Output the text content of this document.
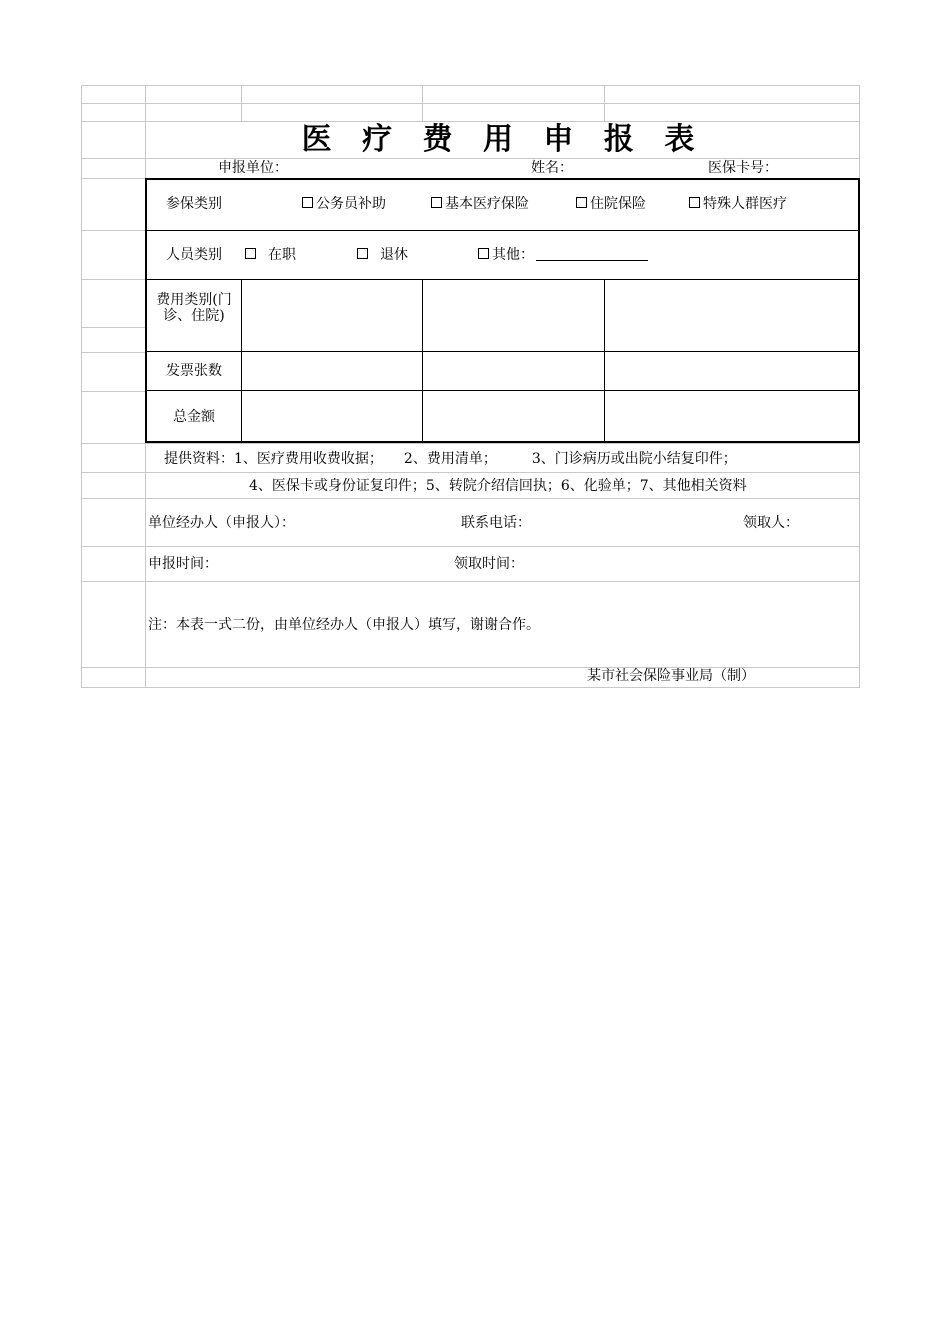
医 疗 费 用 申 报 表
申报单位：	姓名：	医保卡号：
参保类别	公务员补助	基本医疗保险	住院保险	特殊人群医疗
人员类别	在职	退休	其他：
费用类别(门诊、住院)
发票张数
总金额
提供资料：1、医疗费用收费收据；　　2、费用清单；　　　3、门诊病历或出院小结复印件；
4、医保卡或身份证复印件；5、转院介绍信回执；6、化验单；7、其他相关资料
单位经办人（申报人）：	联系电话：	领取人：
申报时间：	领取时间：
注：本表一式二份，由单位经办人（申报人）填写，谢谢合作。
某市社会保险事业局（制）
